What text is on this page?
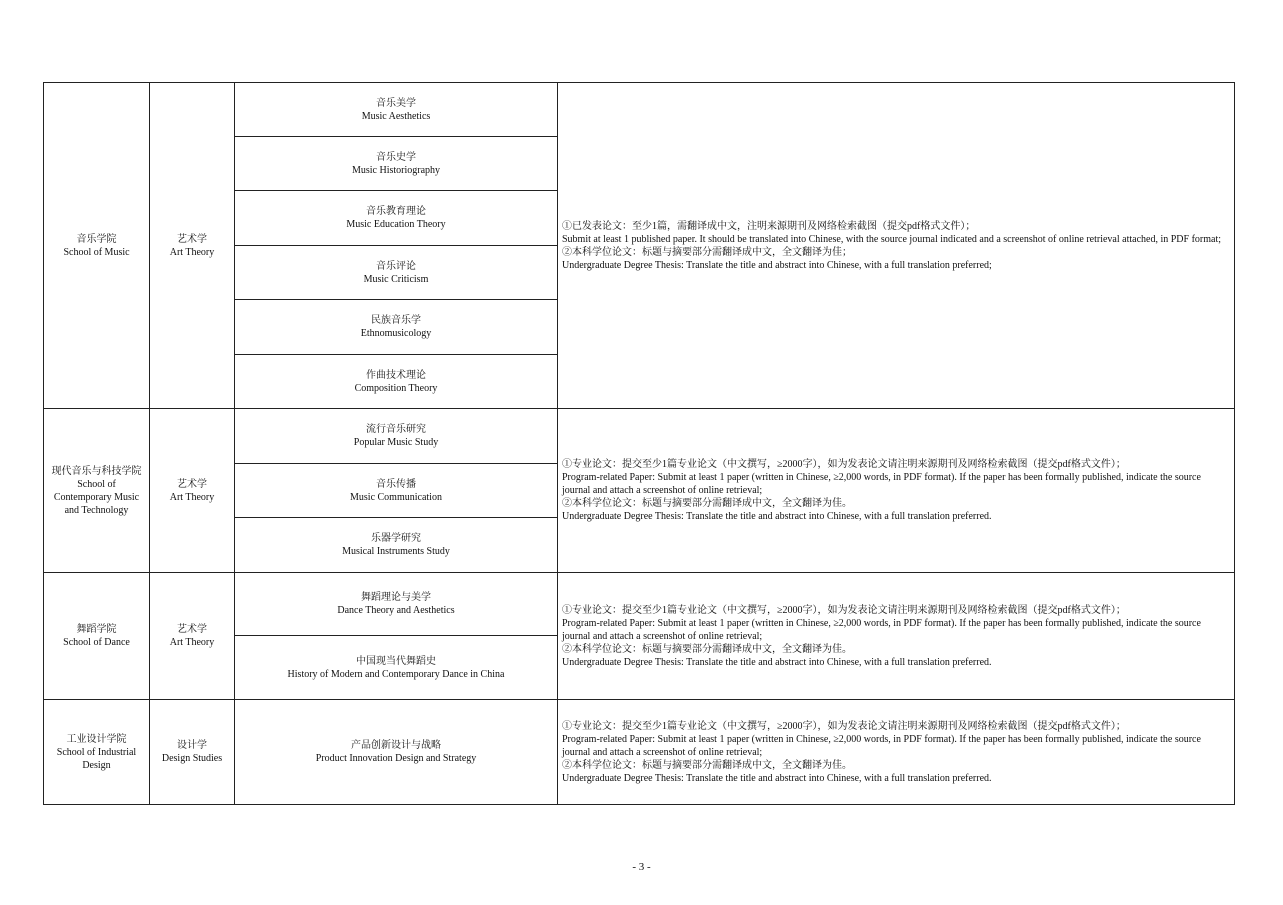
音乐学院
School of Music	艺术学
Art Theory	音乐美学
Music Aesthetics	①已发表论文：至少1篇，需翻译成中文，注明来源期刊及网络检索截图（提交pdf格式文件）；
Submit at least 1 published paper. It should be translated into Chinese, with the source journal indicated and a screenshot of online retrieval attached, in PDF format;
②本科学位论文：标题与摘要部分需翻译成中文，全文翻译为佳；
Undergraduate Degree Thesis: Translate the title and abstract into Chinese, with a full translation preferred;

		音乐史学
Music Historiography	

		音乐教育理论
Music Education Theory	

		音乐评论
Music Criticism	

		民族音乐学
Ethnomusicology	

		作曲技术理论
Composition Theory	

现代音乐与科技学院
School of Contemporary Music and Technology	艺术学
Art Theory	流行音乐研究
Popular Music Study	①专业论文：提交至少1篇专业论文（中文撰写，≥2000字），如为发表论文请注明来源期刊及网络检索截图（提交pdf格式文件）；
Program-related Paper: Submit at least 1 paper (written in Chinese, ≥2,000 words, in PDF format). If the paper has been formally published, indicate the source journal and attach a screenshot of online retrieval;
②本科学位论文：标题与摘要部分需翻译成中文，全文翻译为佳。
Undergraduate Degree Thesis: Translate the title and abstract into Chinese, with a full translation preferred.

		音乐传播
Music Communication	

		乐器学研究
Musical Instruments Study	

舞蹈学院
School of Dance	艺术学
Art Theory	舞蹈理论与美学
Dance Theory and Aesthetics	①专业论文：提交至少1篇专业论文（中文撰写，≥2000字），如为发表论文请注明来源期刊及网络检索截图（提交pdf格式文件）；
Program-related Paper: Submit at least 1 paper (written in Chinese, ≥2,000 words, in PDF format). If the paper has been formally published, indicate the source journal and attach a screenshot of online retrieval;
②本科学位论文：标题与摘要部分需翻译成中文，全文翻译为佳。
Undergraduate Degree Thesis: Translate the title and abstract into Chinese, with a full translation preferred.

		中国现当代舞蹈史
History of Modern and Contemporary Dance in China	

工业设计学院
School of Industrial Design	设计学
Design Studies	产品创新设计与战略
Product Innovation Design and Strategy	①专业论文：提交至少1篇专业论文（中文撰写，≥2000字），如为发表论文请注明来源期刊及网络检索截图（提交pdf格式文件）；
Program-related Paper: Submit at least 1 paper (written in Chinese, ≥2,000 words, in PDF format). If the paper has been formally published, indicate the source journal and attach a screenshot of online retrieval;
②本科学位论文：标题与摘要部分需翻译成中文，全文翻译为佳。
Undergraduate Degree Thesis: Translate the title and abstract into Chinese, with a full translation preferred.
- 3 -
